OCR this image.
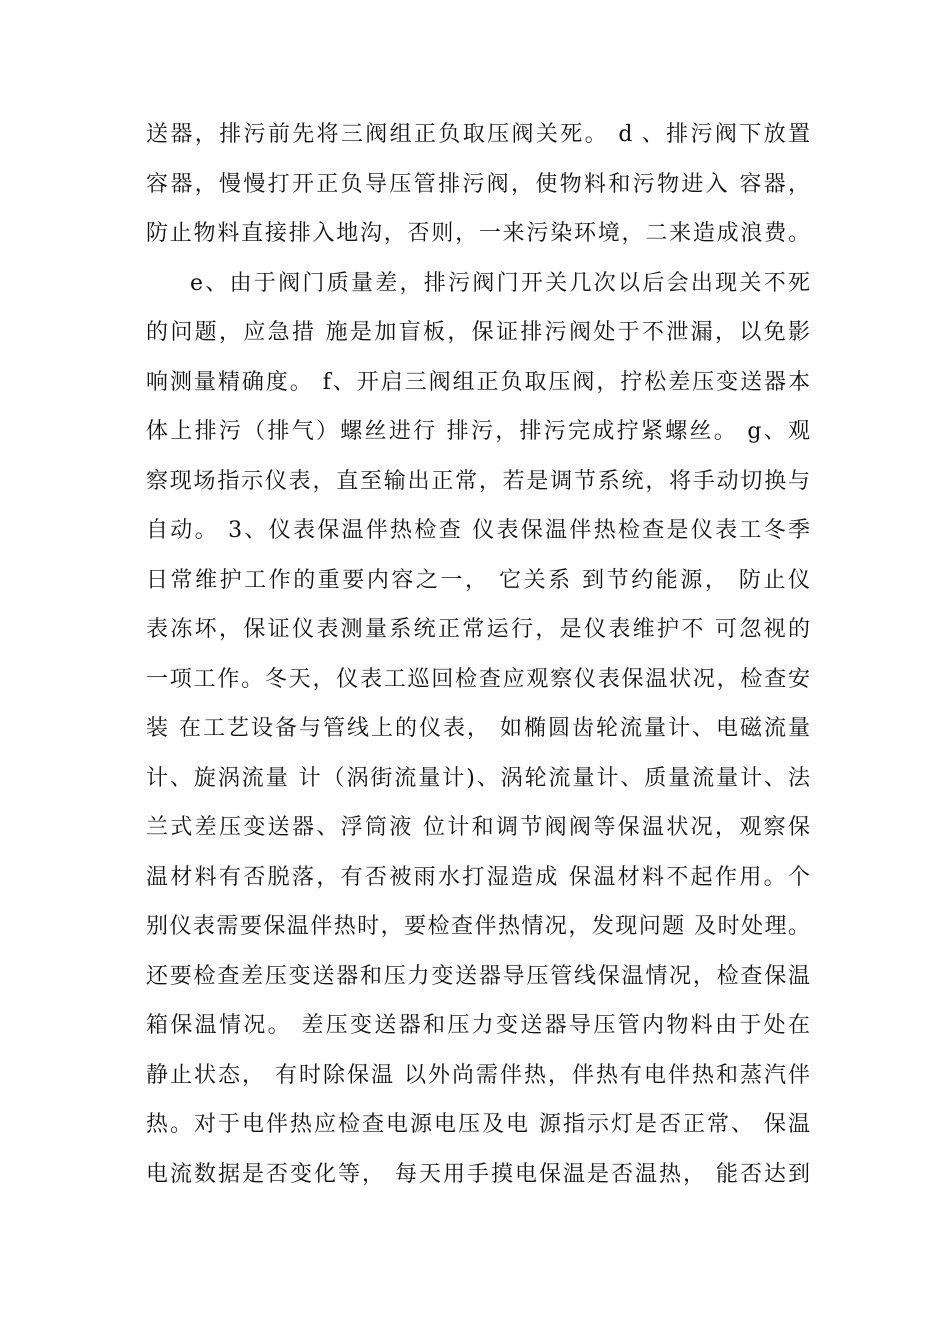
送器，排污前先将三阀组正负取压阀关死。 d 、排污阀下放置
容器，慢慢打开正负导压管排污阀，使物料和污物进入 容器，
防止物料直接排入地沟，否则，一来污染环境，二来造成浪费。
e、由于阀门质量差，排污阀门开关几次以后会出现关不死
的问题，应急措 施是加盲板，保证排污阀处于不泄漏，以免影
响测量精确度。 f、开启三阀组正负取压阀，拧松差压变送器本
体上排污（排气）螺丝进行 排污，排污完成拧紧螺丝。 g、观
察现场指示仪表，直至输出正常，若是调节系统，将手动切换与
自动。 3、仪表保温伴热检查 仪表保温伴热检查是仪表工冬季
日常维护工作的重要内容之一， 它关系 到节约能源， 防止仪
表冻坏，保证仪表测量系统正常运行，是仪表维护不 可忽视的
一项工作。冬天，仪表工巡回检查应观察仪表保温状况，检查安
装 在工艺设备与管线上的仪表， 如椭圆齿轮流量计、电磁流量
计、旋涡流量 计（涡街流量计)、涡轮流量计、质量流量计、法
兰式差压变送器、浮筒液 位计和调节阀阀等保温状况，观察保
温材料有否脱落，有否被雨水打湿造成 保温材料不起作用。个
别仪表需要保温伴热时，要检查伴热情况，发现问题 及时处理。
还要检查差压变送器和压力变送器导压管线保温情况，检查保温
箱保温情况。 差压变送器和压力变送器导压管内物料由于处在
静止状态， 有时除保温 以外尚需伴热，伴热有电伴热和蒸汽伴
热。对于电伴热应检查电源电压及电 源指示灯是否正常、 保温
电流数据是否变化等， 每天用手摸电保温是否温热， 能否达到
